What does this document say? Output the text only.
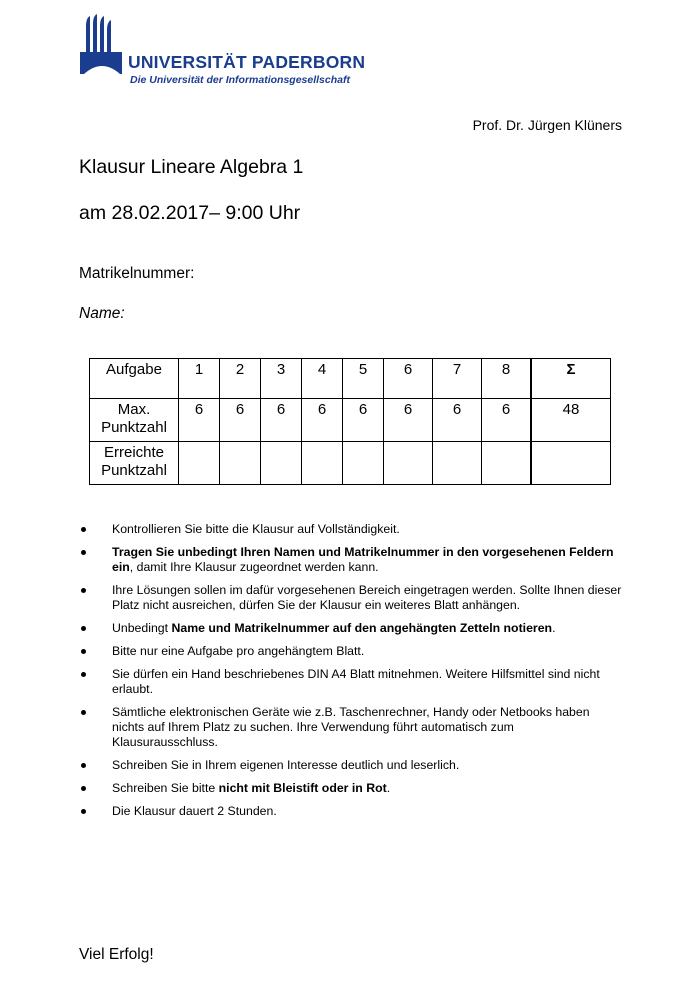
UNIVERSITÄT PADERBORN
Die Universität der Informationsgesellschaft
Prof. Dr. Jürgen Klüners
Klausur Lineare Algebra 1
am 28.02.2017– 9:00 Uhr
Matrikelnummer:
Name:
Aufgabe	1	2	3	4	5	6	7	8	Σ
Max.
Punktzahl	6	6	6	6	6	6	6	6	48
Erreichte
Punktzahl									
Kontrollieren Sie bitte die Klausur auf Vollständigkeit.
Tragen Sie unbedingt Ihren Namen und Matrikelnummer in den vorgesehenen Feldern ein, damit Ihre Klausur zugeordnet werden kann.
Ihre Lösungen sollen im dafür vorgesehenen Bereich eingetragen werden. Sollte Ihnen dieser Platz nicht ausreichen, dürfen Sie der Klausur ein weiteres Blatt anhängen.
Unbedingt Name und Matrikelnummer auf den angehängten Zetteln notieren.
Bitte nur eine Aufgabe pro angehängtem Blatt.
Sie dürfen ein Hand beschriebenes DIN A4 Blatt mitnehmen. Weitere Hilfsmittel sind nicht erlaubt.
Sämtliche elektronischen Geräte wie z.B. Taschenrechner, Handy oder Netbooks haben nichts auf Ihrem Platz zu suchen. Ihre Verwendung führt automatisch zum Klausurausschluss.
Schreiben Sie in Ihrem eigenen Interesse deutlich und leserlich.
Schreiben Sie bitte nicht mit Bleistift oder in Rot.
Die Klausur dauert 2 Stunden.
Viel Erfolg!
